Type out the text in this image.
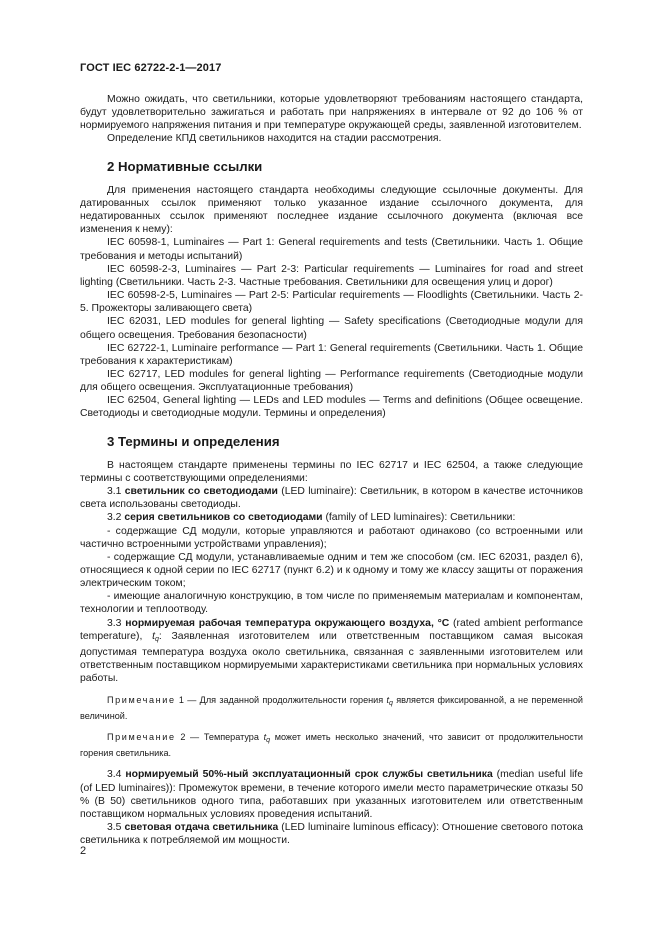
ГОСТ IEC 62722-2-1—2017

Можно ожидать, что светильники, которые удовлетворяют требованиям настоящего стандарта, будут удовлетворительно зажигаться и работать при напряжениях в интервале от 92 до 106 % от нормируемого напряжения питания и при температуре окружающей среды, заявленной изготовителем.

Определение КПД светильников находится на стадии рассмотрения.

2 Нормативные ссылки

Для применения настоящего стандарта необходимы следующие ссылочные документы. Для датированных ссылок применяют только указанное издание ссылочного документа, для недатированных ссылок применяют последнее издание ссылочного документа (включая все изменения к нему):

IEC 60598-1, Luminaires — Part 1: General requirements and tests (Светильники. Часть 1. Общие требования и методы испытаний)

IEC 60598-2-3, Luminaires — Part 2-3: Particular requirements — Luminaires for road and street lighting (Светильники. Часть 2-3. Частные требования. Светильники для освещения улиц и дорог)

IEC 60598-2-5, Luminaires — Part 2-5: Particular requirements — Floodlights (Светильники. Часть 2-5. Прожекторы заливающего света)

IEC 62031, LED modules for general lighting — Safety specifications (Светодиодные модули для общего освещения. Требования безопасности)

IEC 62722-1, Luminaire performance — Part 1: General requirements (Светильники. Часть 1. Общие требования к характеристикам)

IEC 62717, LED modules for general lighting — Performance requirements (Светодиодные модули для общего освещения. Эксплуатационные требования)

IEC 62504, General lighting — LEDs and LED modules — Terms and definitions (Общее освещение. Светодиоды и светодиодные модули. Термины и определения)

3 Термины и определения

В настоящем стандарте применены термины по IEC 62717 и IEC 62504, а также следующие термины с соответствующими определениями:

3.1 светильник со светодиодами (LED luminaire): Светильник, в котором в качестве источников света использованы светодиоды.

3.2 серия светильников со светодиодами (family of LED luminaires): Светильники:

- содержащие СД модули, которые управляются и работают одинаково (со встроенными или частично встроенными устройствами управления);

- содержащие СД модули, устанавливаемые одним и тем же способом (см. IEC 62031, раздел 6), относящиеся к одной серии по IEC 62717 (пункт 6.2) и к одному и тому же классу защиты от поражения электрическим током;

- имеющие аналогичную конструкцию, в том числе по применяемым материалам и компонентам, технологии и теплоотводу.

3.3 нормируемая рабочая температура окружающего воздуха, °С (rated ambient performance temperature), $t_q$: Заявленная изготовителем или ответственным поставщиком самая высокая допустимая температура воздуха около светильника, связанная с заявленными изготовителем или ответственным поставщиком нормируемыми характеристиками светильника при нормальных условиях работы.

Примечание 1 — Для заданной продолжительности горения $t_q$ является фиксированной, а не переменной величиной.

Примечание 2 — Температура $t_q$ может иметь несколько значений, что зависит от продолжительности горения светильника.

3.4 нормируемый 50%-ный эксплуатационный срок службы светильника (median useful life (of LED luminaires)): Промежуток времени, в течение которого имели место параметрические отказы 50 % (В 50) светильников одного типа, работавших при указанных изготовителем или ответственным поставщиком нормальных условиях проведения испытаний.

3.5 световая отдача светильника (LED luminaire luminous efficacy): Отношение светового потока светильника к потребляемой им мощности.

2
